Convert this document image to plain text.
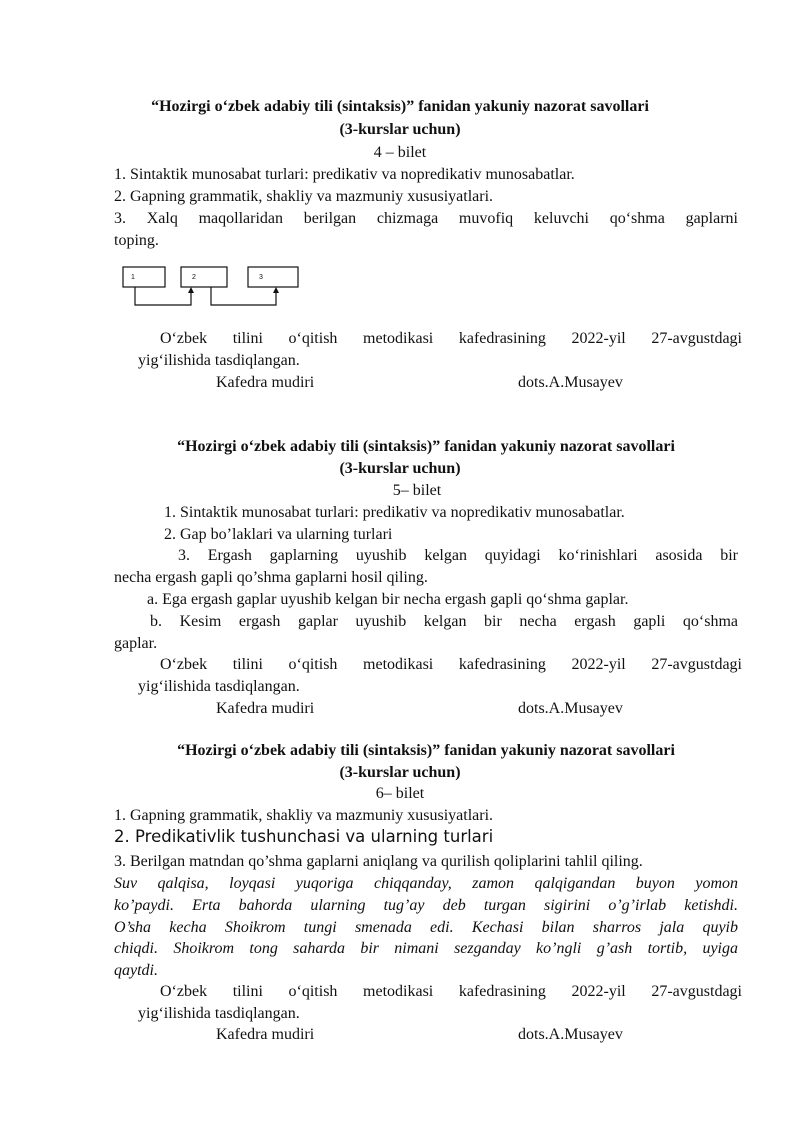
“Hozirgi o‘zbek adabiy tili (sintaksis)” fanidan yakuniy nazorat savollari
(3-kurslar uchun)
4 – bilet
1. Sintaktik munosabat turlari: predikativ va nopredikativ munosabatlar.
2. Gapning grammatik, shakliy va mazmuniy xususiyatlari.
3. Xalq maqollaridan berilgan chizmaga muvofiq keluvchi qo‘shma gaplarni
toping.
1	2	3
O‘zbek tilini o‘qitish metodikasi kafedrasining 2022-yil 27-avgustdagi
yig‘ilishida tasdiqlangan.
Kafedra mudiri	dots.A.Musayev
“Hozirgi o‘zbek adabiy tili (sintaksis)” fanidan yakuniy nazorat savollari
(3-kurslar uchun)
5– bilet
1. Sintaktik munosabat turlari: predikativ va nopredikativ munosabatlar.
2. Gap bo’laklari va ularning turlari
3. Ergash gaplarning uyushib kelgan quyidagi ko‘rinishlari asosida bir
necha ergash gapli qo’shma gaplarni hosil qiling.
a. Ega ergash gaplar uyushib kelgan bir necha ergash gapli qo‘shma gaplar.
b. Kesim ergash gaplar uyushib kelgan bir necha ergash gapli qo‘shma
gaplar.
O‘zbek tilini o‘qitish metodikasi kafedrasining 2022-yil 27-avgustdagi
yig‘ilishida tasdiqlangan.
Kafedra mudiri	dots.A.Musayev
“Hozirgi o‘zbek adabiy tili (sintaksis)” fanidan yakuniy nazorat savollari
(3-kurslar uchun)
6– bilet
1. Gapning grammatik, shakliy va mazmuniy xususiyatlari.
2. Predikativlik tushunchasi va ularning turlari
3. Berilgan matndan qo’shma gaplarni aniqlang va qurilish qoliplarini tahlil qiling.
Suv qalqisa, loyqasi yuqoriga chiqqanday, zamon qalqigandan buyon yomon
ko’paydi. Erta bahorda ularning tug’ay deb turgan sigirini o’g’irlab ketishdi.
O’sha kecha Shoikrom tungi smenada edi. Kechasi bilan sharros jala quyib
chiqdi. Shoikrom tong saharda bir nimani sezganday ko’ngli g’ash tortib, uyiga
qaytdi.
O‘zbek tilini o‘qitish metodikasi kafedrasining 2022-yil 27-avgustdagi
yig‘ilishida tasdiqlangan.
Kafedra mudiri	dots.A.Musayev
